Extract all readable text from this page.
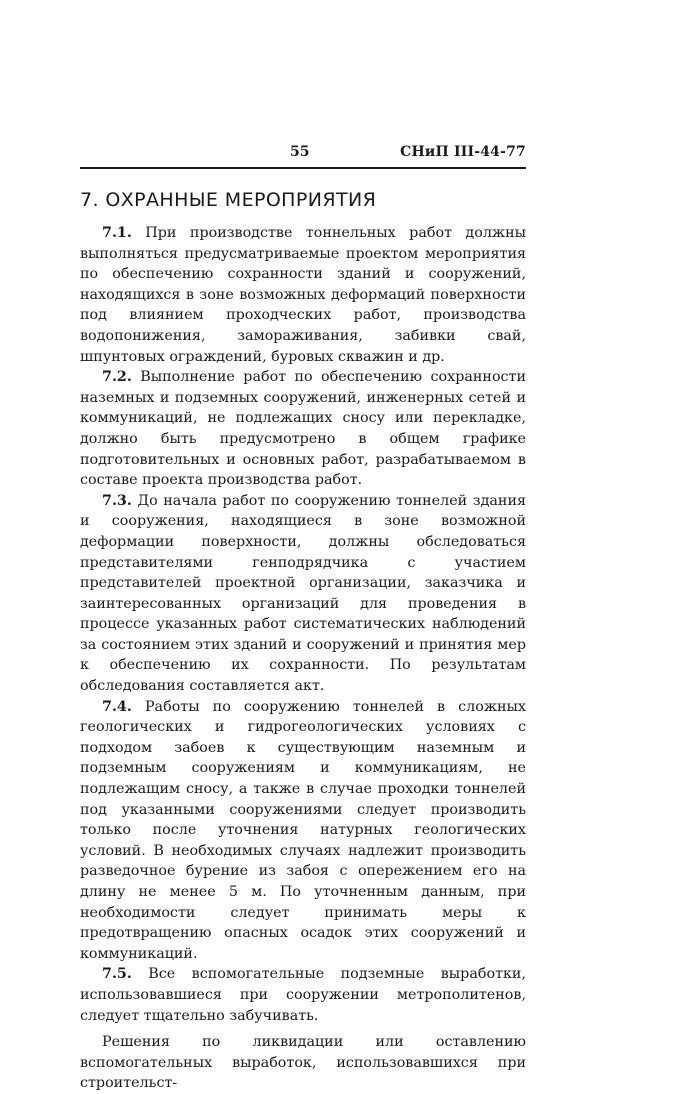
55	СНиП III-44-77
7. ОХРАННЫЕ МЕРОПРИЯТИЯ

7.1. При производстве тоннельных работ должны выполняться предусматриваемые проектом мероприятия по обеспечению сохранности зданий и сооружений, находящихся в зоне возможных деформаций поверхности под влиянием проходческих работ, производства водопонижения, замораживания, забивки свай, шпунтовых ограждений, буровых скважин и др.

7.2. Выполнение работ по обеспечению сохранности наземных и подземных сооружений, инженерных сетей и коммуникаций, не подлежащих сносу или перекладке, должно быть предусмотрено в общем графике подготовительных и основных работ, разрабатываемом в составе проекта производства работ.

7.3. До начала работ по сооружению тоннелей здания и сооружения, находящиеся в зоне возможной деформации поверхности, должны обследоваться представителями генподрядчика с участием представителей проектной организации, заказчика и заинтересованных организаций для проведения в процессе указанных работ систематических наблюдений за состоянием этих зданий и сооружений и принятия мер к обеспечению их сохранности. По результатам обследования составляется акт.

7.4. Работы по сооружению тоннелей в сложных геологических и гидрогеологических условиях с подходом забоев к существующим наземным и подземным сооружениям и коммуникациям, не подлежащим сносу, а также в случае проходки тоннелей под указанными сооружениями следует производить только после уточнения натурных геологических условий. В необходимых случаях надлежит производить разведочное бурение из забоя с опережением его на длину не менее 5 м. По уточненным данным, при необходимости следует принимать меры к предотвращению опасных осадок этих сооружений и коммуникаций.

7.5. Все вспомогательные подземные выработки, использовавшиеся при сооружении метрополитенов, следует тщательно забучивать.

Решения по ликвидации или оставлению вспомогательных выработок, использовавшихся при строительст-
